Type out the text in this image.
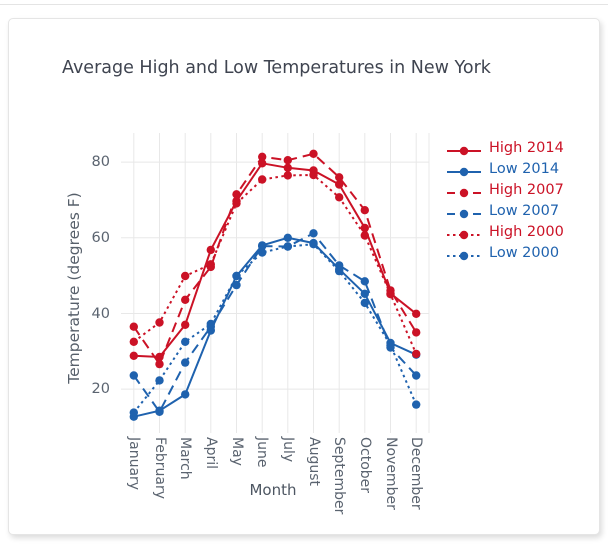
Average High and Low Temperatures in New York
Temperature (degrees F)
Month
20
40
60
80
January February March April May June July August September October November December
High 2014
Low 2014
High 2007
Low 2007
High 2000
Low 2000
